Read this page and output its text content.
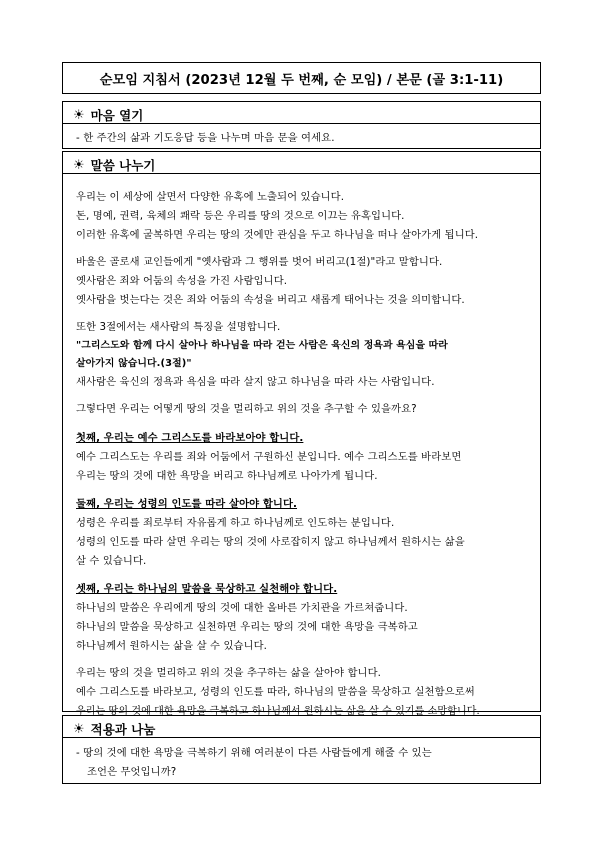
순모임 지침서 (2023년 12월 두 번째, 순 모임) / 본문 (골 3:1-11)
☀ 마음 열기
- 한 주간의 삶과 기도응답 등을 나누며 마음 문을 여세요.
☀ 말씀 나누기
우리는 이 세상에 살면서 다양한 유혹에 노출되어 있습니다.
돈, 명예, 권력, 육체의 쾌락 등은 우리를 땅의 것으로 이끄는 유혹입니다.
이러한 유혹에 굴복하면 우리는 땅의 것에만 관심을 두고 하나님을 떠나 살아가게 됩니다.
바울은 골로새 교인들에게 "옛사람과 그 행위를 벗어 버리고(1절)"라고 말합니다.
옛사람은 죄와 어둠의 속성을 가진 사람입니다.
옛사람을 벗는다는 것은 죄와 어둠의 속성을 버리고 새롭게 태어나는 것을 의미합니다.
또한 3절에서는 새사람의 특징을 설명합니다.
"그리스도와 함께 다시 살아나 하나님을 따라 걷는 사람은 육신의 정욕과 욕심을 따라
살아가지 않습니다.(3절)"
새사람은 육신의 정욕과 욕심을 따라 살지 않고 하나님을 따라 사는 사람입니다.
그렇다면 우리는 어떻게 땅의 것을 멀리하고 위의 것을 추구할 수 있을까요?
첫째, 우리는 예수 그리스도를 바라보아야 합니다.
예수 그리스도는 우리를 죄와 어둠에서 구원하신 분입니다. 예수 그리스도를 바라보면
우리는 땅의 것에 대한 욕망을 버리고 하나님께로 나아가게 됩니다.
둘째, 우리는 성령의 인도를 따라 살아야 합니다.
성령은 우리를 죄로부터 자유롭게 하고 하나님께로 인도하는 분입니다.
성령의 인도를 따라 살면 우리는 땅의 것에 사로잡히지 않고 하나님께서 원하시는 삶을
살 수 있습니다.
셋째, 우리는 하나님의 말씀을 묵상하고 실천해야 합니다.
하나님의 말씀은 우리에게 땅의 것에 대한 올바른 가치관을 가르쳐줍니다.
하나님의 말씀을 묵상하고 실천하면 우리는 땅의 것에 대한 욕망을 극복하고
하나님께서 원하시는 삶을 살 수 있습니다.
우리는 땅의 것을 멀리하고 위의 것을 추구하는 삶을 살아야 합니다.
예수 그리스도를 바라보고, 성령의 인도를 따라, 하나님의 말씀을 묵상하고 실천함으로써
우리는 땅의 것에 대한 욕망을 극복하고 하나님께서 원하시는 삶을 살 수 있기를 소망합니다.
☀ 적용과 나눔
- 땅의 것에 대한 욕망을 극복하기 위해 여러분이 다른 사람들에게 해줄 수 있는
조언은 무엇입니까?
